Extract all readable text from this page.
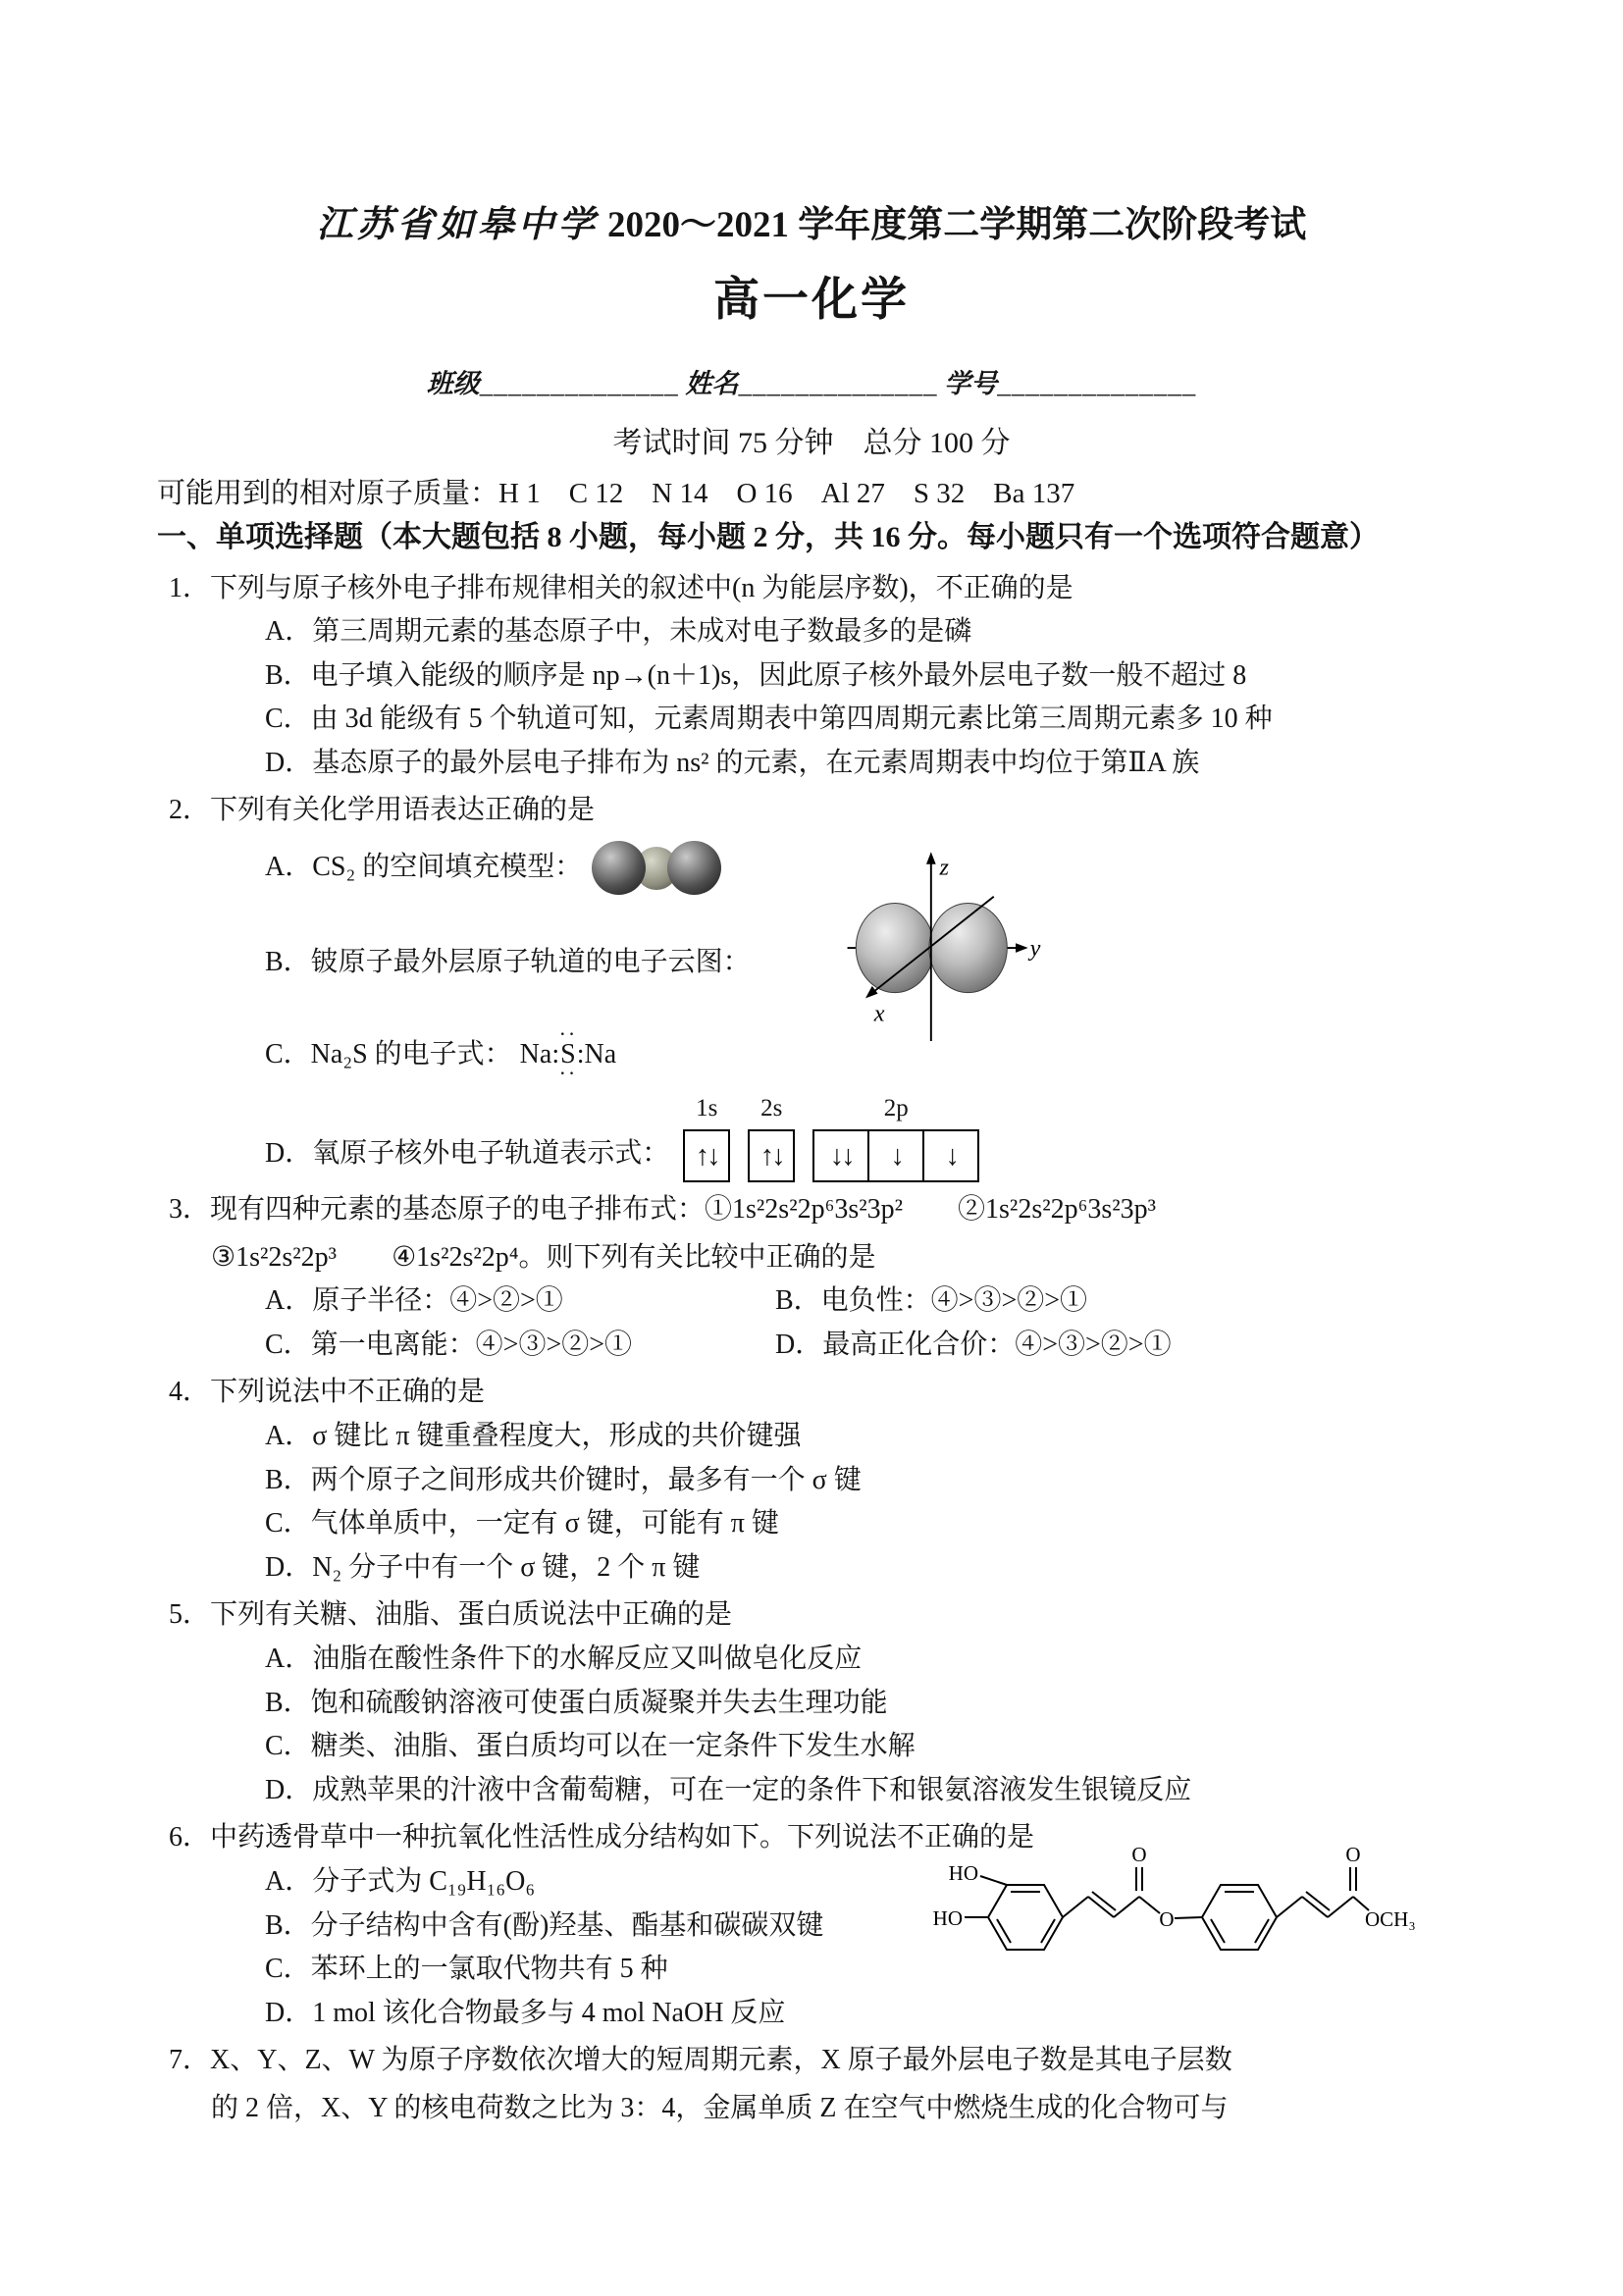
江苏省如皋中学 2020～2021 学年度第二学期第二次阶段考试
高一化学
班级______________ 姓名______________ 学号______________
考试时间 75 分钟　总分 100 分
可能用到的相对原子质量：H 1　C 12　N 14　O 16　Al 27　S 32　Ba 137
一、单项选择题（本大题包括 8 小题，每小题 2 分，共 16 分。每小题只有一个选项符合题意）
1．下列与原子核外电子排布规律相关的叙述中(n 为能层序数)，不正确的是
A．第三周期元素的基态原子中，未成对电子数最多的是磷
B．电子填入能级的顺序是 np→(n＋1)s，因此原子核外最外层电子数一般不超过 8
C．由 3d 能级有 5 个轨道可知，元素周期表中第四周期元素比第三周期元素多 10 种
D．基态原子的最外层电子排布为 ns² 的元素，在元素周期表中均位于第ⅡA 族
2．下列有关化学用语表达正确的是
A．CS₂ 的空间填充模型：
B．铍原子最外层原子轨道的电子云图：
z
y
x
C．Na₂S 的电子式： Na :
··
S
··
: Na
D．氧原子核外电子轨道表示式：
1s
↑↓
2s
↑↓
2p
↓↓	↓	↓
3．现有四种元素的基态原子的电子排布式：①1s²2s²2p⁶3s²3p²　　②1s²2s²2p⁶3s²3p³
③1s²2s²2p³　　④1s²2s²2p⁴。则下列有关比较中正确的是
A．原子半径：④>②>①	B．电负性：④>③>②>①
C．第一电离能：④>③>②>①	D．最高正化合价：④>③>②>①
4．下列说法中不正确的是
A．σ 键比 π 键重叠程度大，形成的共价键强
B．两个原子之间形成共价键时，最多有一个 σ 键
C．气体单质中，一定有 σ 键，可能有 π 键
D．N₂ 分子中有一个 σ 键，2 个 π 键
5．下列有关糖、油脂、蛋白质说法中正确的是
A．油脂在酸性条件下的水解反应又叫做皂化反应
B．饱和硫酸钠溶液可使蛋白质凝聚并失去生理功能
C．糖类、油脂、蛋白质均可以在一定条件下发生水解
D．成熟苹果的汁液中含葡萄糖，可在一定的条件下和银氨溶液发生银镜反应
6．中药透骨草中一种抗氧化性活性成分结构如下。下列说法不正确的是
A．分子式为 C₁₉H₁₆O₆
B．分子结构中含有(酚)羟基、酯基和碳碳双键
C．苯环上的一氯取代物共有 5 种
D．1 mol 该化合物最多与 4 mol NaOH 反应
HO
HO
O
O
O
OCH₃
7．X、Y、Z、W 为原子序数依次增大的短周期元素，X 原子最外层电子数是其电子层数
的 2 倍，X、Y 的核电荷数之比为 3：4，金属单质 Z 在空气中燃烧生成的化合物可与
